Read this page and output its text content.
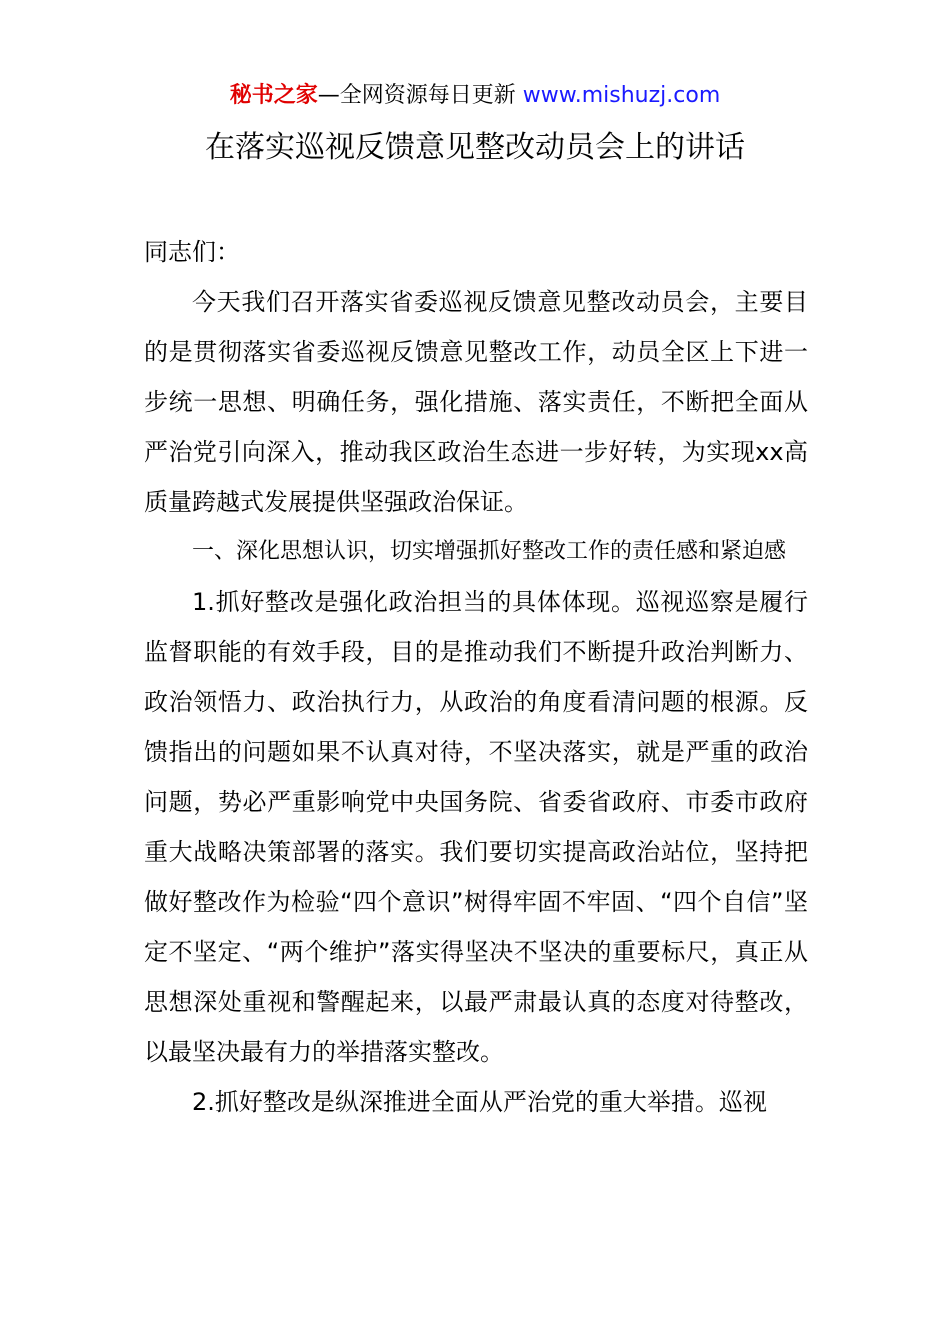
秘书之家—全网资源每日更新 www.mishuzj.com
在落实巡视反馈意见整改动员会上的讲话

同志们：

今天我们召开落实省委巡视反馈意见整改动员会，主要目的是贯彻落实省委巡视反馈意见整改工作，动员全区上下进一步统一思想、明确任务，强化措施、落实责任，不断把全面从严治党引向深入，推动我区政治生态进一步好转，为实现xx高质量跨越式发展提供坚强政治保证。

一、深化思想认识，切实增强抓好整改工作的责任感和紧迫感

1.抓好整改是强化政治担当的具体体现。巡视巡察是履行监督职能的有效手段，目的是推动我们不断提升政治判断力、政治领悟力、政治执行力，从政治的角度看清问题的根源。反馈指出的问题如果不认真对待，不坚决落实，就是严重的政治问题，势必严重影响党中央国务院、省委省政府、市委市政府重大战略决策部署的落实。我们要切实提高政治站位，坚持把做好整改作为检验“四个意识”树得牢固不牢固、“四个自信”坚定不坚定、“两个维护”落实得坚决不坚决的重要标尺，真正从思想深处重视和警醒起来，以最严肃最认真的态度对待整改，以最坚决最有力的举措落实整改。

2.抓好整改是纵深推进全面从严治党的重大举措。巡视
